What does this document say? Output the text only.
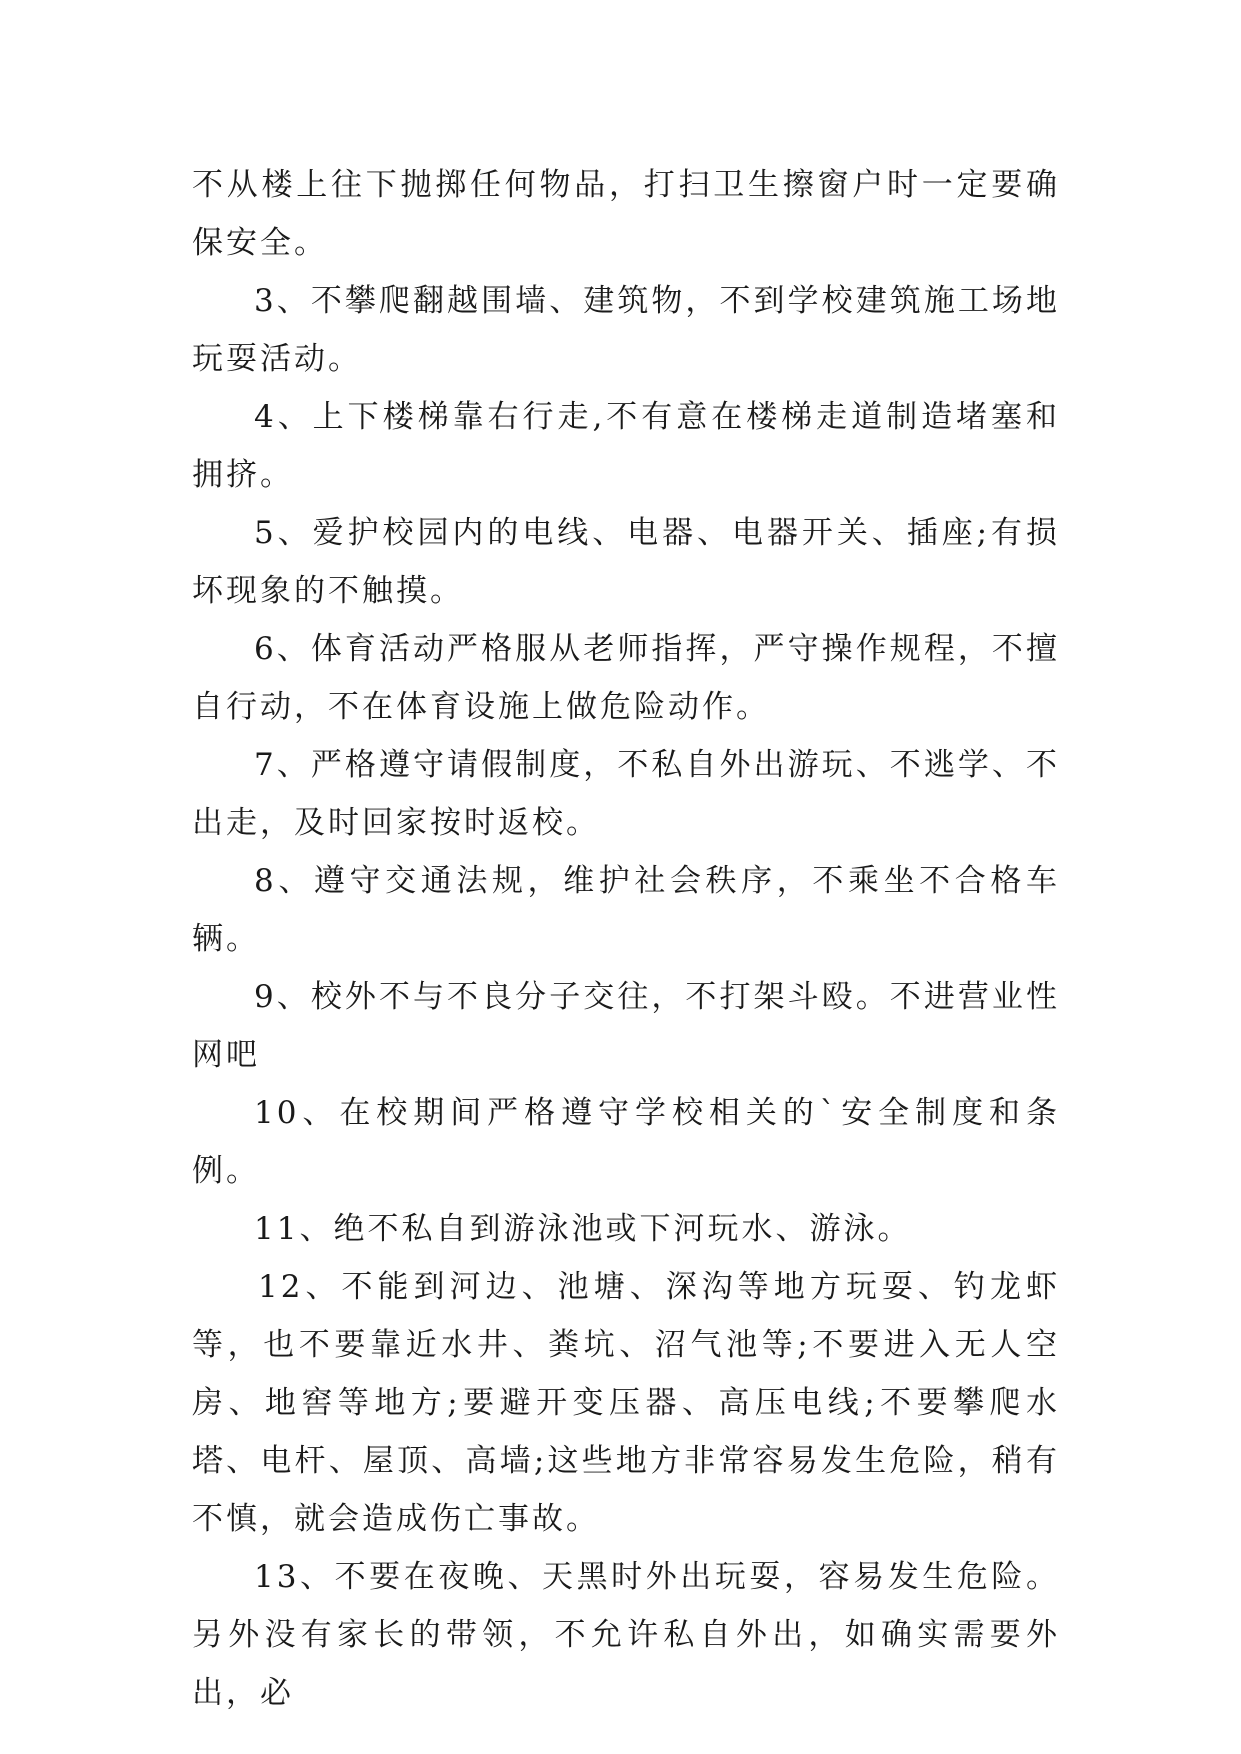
不从楼上往下抛掷任何物品，打扫卫生擦窗户时一定要确保安全。

3、不攀爬翻越围墙、建筑物，不到学校建筑施工场地玩耍活动。

4、上下楼梯靠右行走,不有意在楼梯走道制造堵塞和拥挤。

5、爱护校园内的电线、电器、电器开关、插座;有损坏现象的不触摸。

6、体育活动严格服从老师指挥，严守操作规程，不擅自行动，不在体育设施上做危险动作。

7、严格遵守请假制度，不私自外出游玩、不逃学、不出走，及时回家按时返校。

8、遵守交通法规，维护社会秩序，不乘坐不合格车辆。

9、校外不与不良分子交往，不打架斗殴。不进营业性网吧

10、在校期间严格遵守学校相关的`安全制度和条例。

11、绝不私自到游泳池或下河玩水、游泳。

12、不能到河边、池塘、深沟等地方玩耍、钓龙虾等，也不要靠近水井、粪坑、沼气池等;不要进入无人空房、地窖等地方;要避开变压器、高压电线;不要攀爬水塔、电杆、屋顶、高墙;这些地方非常容易发生危险，稍有不慎，就会造成伤亡事故。

13、不要在夜晚、天黑时外出玩耍，容易发生危险。另外没有家长的带领，不允许私自外出，如确实需要外出，必
